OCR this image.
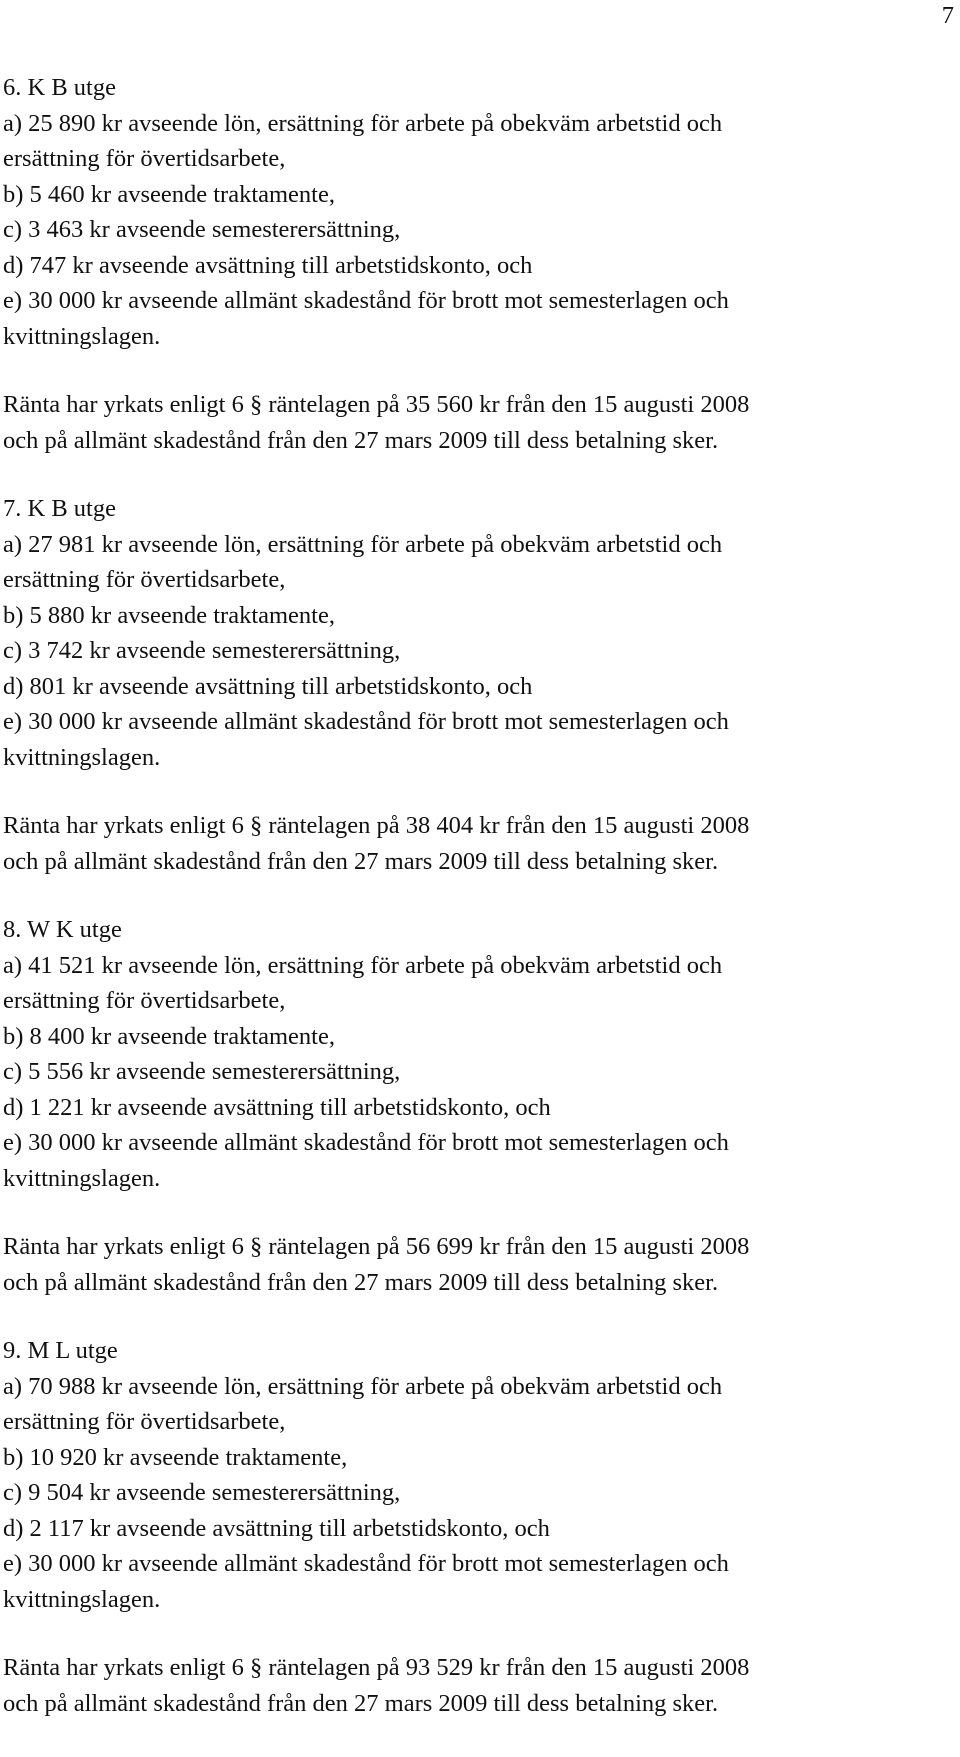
7
6. K B utge
a) 25 890 kr avseende lön, ersättning för arbete på obekväm arbetstid och
ersättning för övertidsarbete,
b) 5 460 kr avseende traktamente,
c) 3 463 kr avseende semesterersättning,
d) 747 kr avseende avsättning till arbetstidskonto, och
e) 30 000 kr avseende allmänt skadestånd för brott mot semesterlagen och
kvittningslagen.
Ränta har yrkats enligt 6 § räntelagen på 35 560 kr från den 15 augusti 2008
och på allmänt skadestånd från den 27 mars 2009 till dess betalning sker.
7. K B utge
a) 27 981 kr avseende lön, ersättning för arbete på obekväm arbetstid och
ersättning för övertidsarbete,
b) 5 880 kr avseende traktamente,
c) 3 742 kr avseende semesterersättning,
d) 801 kr avseende avsättning till arbetstidskonto, och
e) 30 000 kr avseende allmänt skadestånd för brott mot semesterlagen och
kvittningslagen.
Ränta har yrkats enligt 6 § räntelagen på 38 404 kr från den 15 augusti 2008
och på allmänt skadestånd från den 27 mars 2009 till dess betalning sker.
8. W K utge
a) 41 521 kr avseende lön, ersättning för arbete på obekväm arbetstid och
ersättning för övertidsarbete,
b) 8 400 kr avseende traktamente,
c) 5 556 kr avseende semesterersättning,
d) 1 221 kr avseende avsättning till arbetstidskonto, och
e) 30 000 kr avseende allmänt skadestånd för brott mot semesterlagen och
kvittningslagen.
Ränta har yrkats enligt 6 § räntelagen på 56 699 kr från den 15 augusti 2008
och på allmänt skadestånd från den 27 mars 2009 till dess betalning sker.
9. M L utge
a) 70 988 kr avseende lön, ersättning för arbete på obekväm arbetstid och
ersättning för övertidsarbete,
b) 10 920 kr avseende traktamente,
c) 9 504 kr avseende semesterersättning,
d) 2 117 kr avseende avsättning till arbetstidskonto, och
e) 30 000 kr avseende allmänt skadestånd för brott mot semesterlagen och
kvittningslagen.
Ränta har yrkats enligt 6 § räntelagen på 93 529 kr från den 15 augusti 2008
och på allmänt skadestånd från den 27 mars 2009 till dess betalning sker.
